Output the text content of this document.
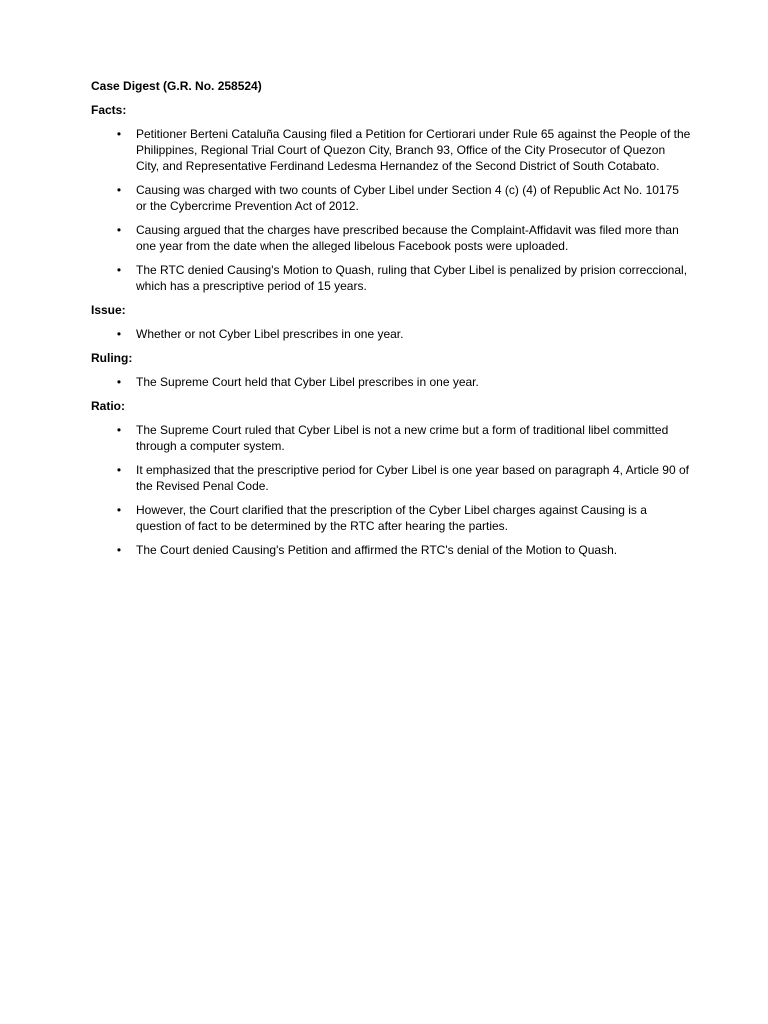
Case Digest (G.R. No. 258524)
Facts:
•	Petitioner Berteni Cataluña Causing filed a Petition for Certiorari under Rule 65 against the People of the Philippines, Regional Trial Court of Quezon City, Branch 93, Office of the City Prosecutor of Quezon City, and Representative Ferdinand Ledesma Hernandez of the Second District of South Cotabato.
•	Causing was charged with two counts of Cyber Libel under Section 4 (c) (4) of Republic Act No. 10175 or the Cybercrime Prevention Act of 2012.
•	Causing argued that the charges have prescribed because the Complaint-Affidavit was filed more than one year from the date when the alleged libelous Facebook posts were uploaded.
•	The RTC denied Causing's Motion to Quash, ruling that Cyber Libel is penalized by prision correccional, which has a prescriptive period of 15 years.
Issue:
•	Whether or not Cyber Libel prescribes in one year.
Ruling:
•	The Supreme Court held that Cyber Libel prescribes in one year.
Ratio:
•	The Supreme Court ruled that Cyber Libel is not a new crime but a form of traditional libel committed through a computer system.
•	It emphasized that the prescriptive period for Cyber Libel is one year based on paragraph 4, Article 90 of the Revised Penal Code.
•	However, the Court clarified that the prescription of the Cyber Libel charges against Causing is a question of fact to be determined by the RTC after hearing the parties.
•	The Court denied Causing's Petition and affirmed the RTC's denial of the Motion to Quash.
